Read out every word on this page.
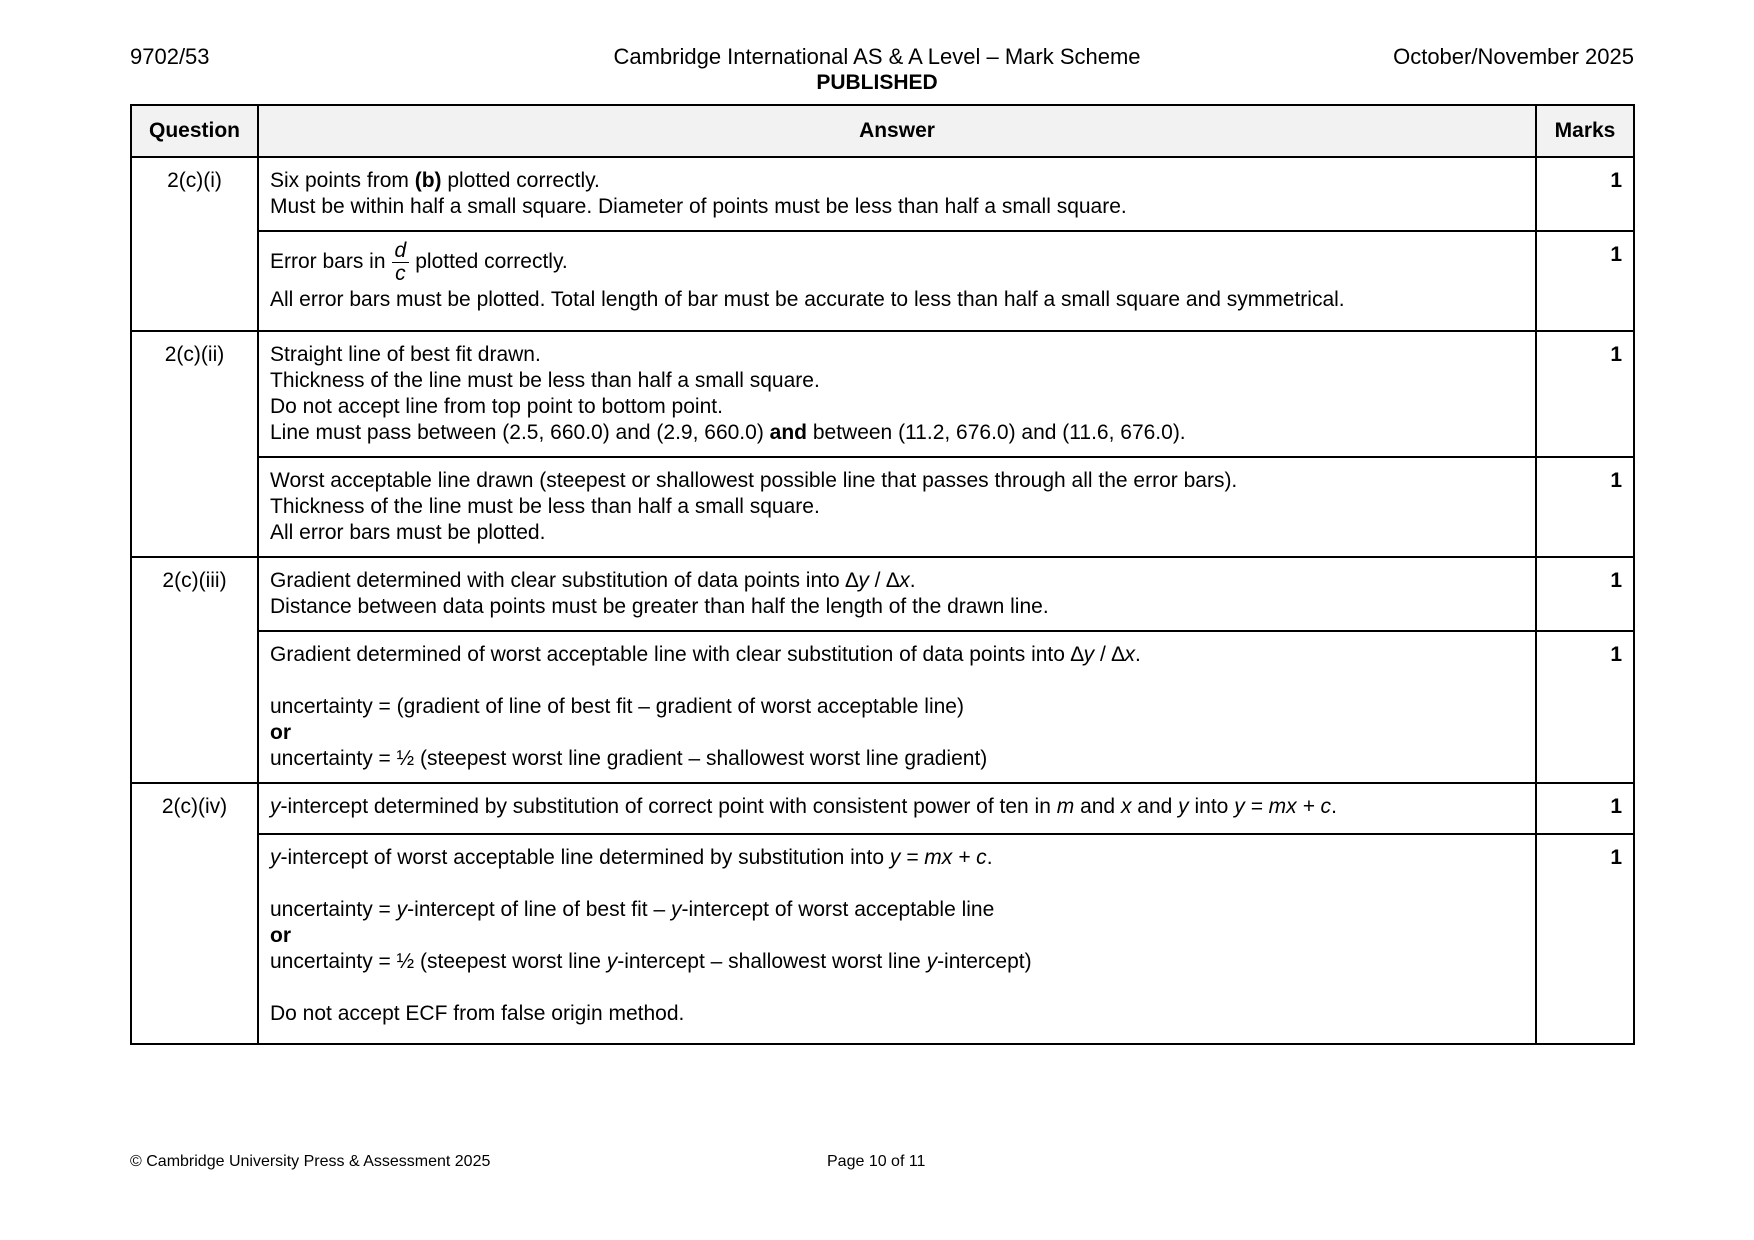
9702/53	Cambridge International AS & A Level – Mark Scheme
PUBLISHED
October/November 2025
Question	Answer	Marks
2(c)(i)	Six points from (b) plotted correctly.
Must be within half a small square. Diameter of points must be less than half a small square.	1

	Error bars in $\frac{d}{c}$ plotted correctly.
All error bars must be plotted. Total length of bar must be accurate to less than half a small square and symmetrical.	1
2(c)(ii)	Straight line of best fit drawn.
Thickness of the line must be less than half a small square.
Do not accept line from top point to bottom point.
Line must pass between (2.5, 660.0) and (2.9, 660.0) and between (11.2, 676.0) and (11.6, 676.0).	1

	Worst acceptable line drawn (steepest or shallowest possible line that passes through all the error bars).
Thickness of the line must be less than half a small square.
All error bars must be plotted.	1
2(c)(iii)	Gradient determined with clear substitution of data points into ∆y / ∆x.
Distance between data points must be greater than half the length of the drawn line.	1

	Gradient determined of worst acceptable line with clear substitution of data points into ∆y / ∆x.
uncertainty = (gradient of line of best fit – gradient of worst acceptable line)
or
uncertainty = ½ (steepest worst line gradient – shallowest worst line gradient)	1
2(c)(iv)	y-intercept determined by substitution of correct point with consistent power of ten in m and x and y into y = mx + c.	1

	y-intercept of worst acceptable line determined by substitution into y = mx + c.
uncertainty = y-intercept of line of best fit – y-intercept of worst acceptable line
or
uncertainty = ½ (steepest worst line y-intercept – shallowest worst line y-intercept)
Do not accept ECF from false origin method.	1
© Cambridge University Press & Assessment 2025	Page 10 of 11
